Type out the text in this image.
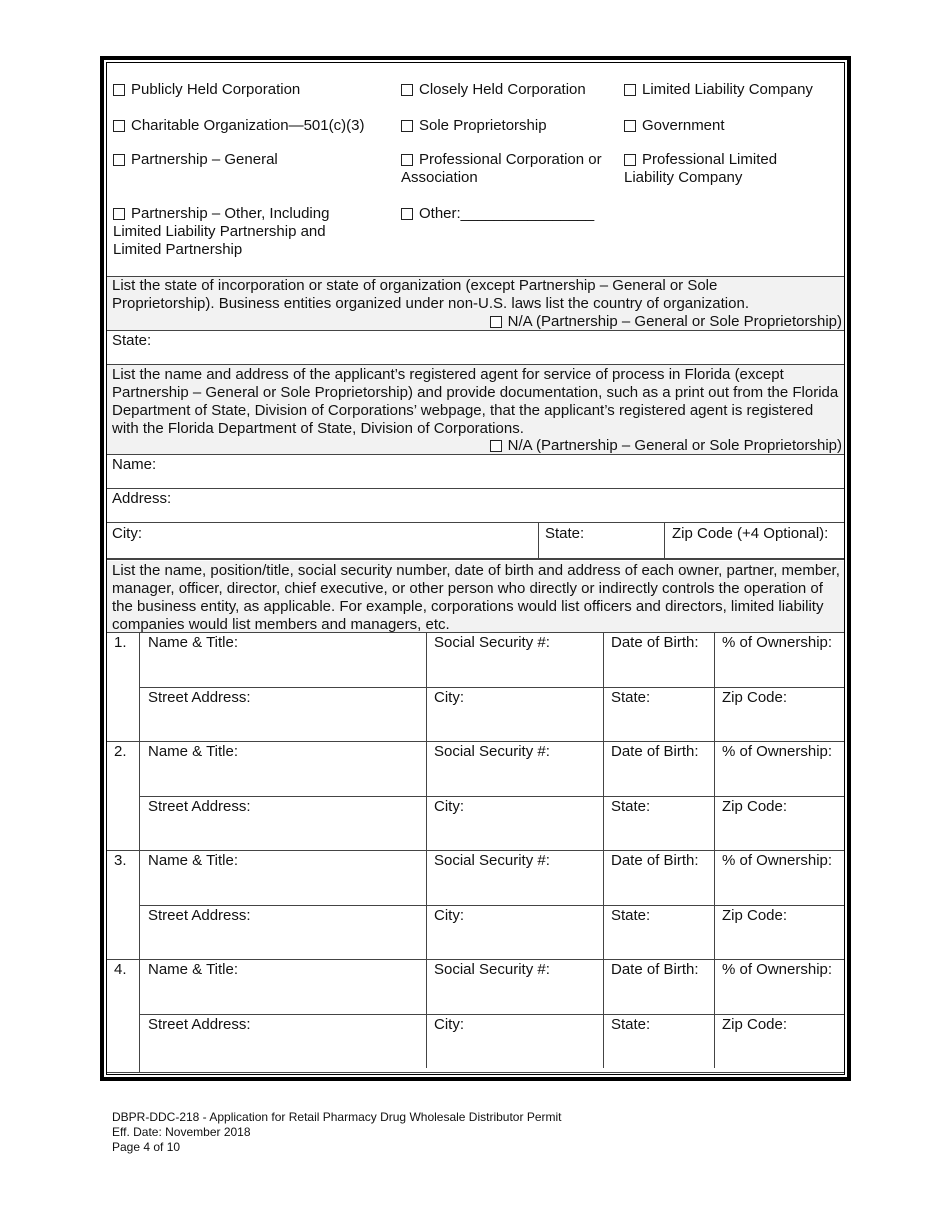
Publicly Held Corporation	Closely Held Corporation	Limited Liability Company
Charitable Organization—501(c)(3)	Sole Proprietorship	Government
Partnership – General	Professional Corporation or Association
Professional Limited Liability Company
Partnership – Other, Including Limited Liability Partnership and Limited Partnership
Other:________________
List the state of incorporation or state of organization (except Partnership – General or Sole Proprietorship). Business entities organized under non-U.S. laws list the country of organization.
N/A (Partnership – General or Sole Proprietorship)
State:
List the name and address of the applicant’s registered agent for service of process in Florida (except Partnership – General or Sole Proprietorship) and provide documentation, such as a print out from the Florida Department of State, Division of Corporations’ webpage, that the applicant’s registered agent is registered with the Florida Department of State, Division of Corporations.
N/A (Partnership – General or Sole Proprietorship)
Name:
Address:
City:	State:	Zip Code (+4 Optional):
List the name, position/title, social security number, date of birth and address of each owner, partner, member, manager, officer, director, chief executive, or other person who directly or indirectly controls the operation of the business entity, as applicable. For example, corporations would list officers and directors, limited liability companies would list members and managers, etc.
1. Name & Title:	Social Security #:	Date of Birth: % of Ownership:
Street Address:	City:	State:	Zip Code:
2. Name & Title:	Social Security #:	Date of Birth: % of Ownership:
Street Address:	City:	State:	Zip Code:
3. Name & Title:	Social Security #:	Date of Birth: % of Ownership:
Street Address:	City:	State:	Zip Code:
4. Name & Title:	Social Security #:	Date of Birth: % of Ownership:
Street Address:	City:	State:	Zip Code:
DBPR-DDC-218 - Application for Retail Pharmacy Drug Wholesale Distributor Permit
Eff. Date: November 2018
Page 4 of 10
